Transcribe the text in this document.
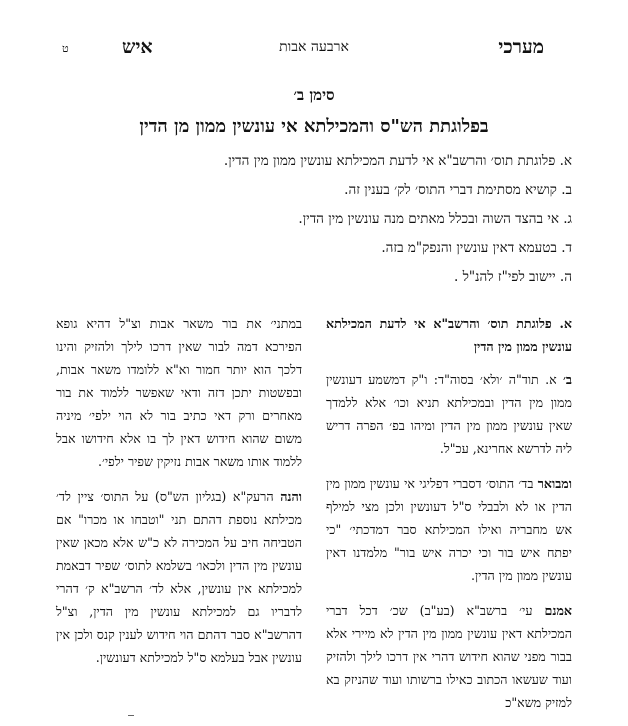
ט	איש	ארבעה אבות	מערכי
סימן ב׳
בפלוגתת הש"ס והמכילתא אי עונשין ממון מן הדין
א. פלוגתת תוס׳ והרשב"א אי לדעת המכילתא עונשין ממון מין הדין.
ב. קושיא מסתימת דברי התוס׳ לק׳ בענין זה.
ג. אי בהצד השוה ובכלל מאתים מנה עונשין מין הדין.
ד. בטעמא דאין עונשין והנפק"מ בזה.
ה. יישוב לפי"ז להנ"ל .
א. פלוגתת תוס׳ והרשב"א אי לדעת המכילתא עונשין ממון מין הדין

ב׳ א. תוד"ה ׳ולא׳ בסוה"ד: ו"ק דמשמע דעונשין ממון מין הדין ובמכילתא תניא וכו׳ אלא ללמדך שאין עונשין ממון מין הדין ומיהו בפ׳ הפרה דריש ליה לדרשא אחרינא, עכ"ל.

ומבואר בד׳ התוס׳ דסברי דפליגי אי עונשין ממון מין הדין או לא ולבבלי ס"ל דעונשין ולכן מצי למילף אש מחבריה ואילו המכילתא סבר דמדכתי׳ "כי יפתח איש בור וכי יכרה איש בור" מלמדנו דאין עונשין ממון מין הדין.

אמנם עי׳ ברשב"א (בע"ב) שכ׳ דכל דברי המכילתא דאין עונשין ממון מין הדין לא מיירי אלא בבור מפני שהוא חידוש דהרי אין דרכו לילך ולהזיק ועוד שעשאו הכתוב כאילו ברשותו ועוד שהניזק בא למזיק משא"כ

במתני׳ את בור משאר אבות וצ"ל דהיא גופא הפירכא דמה לבור שאין דרכו לילך ולהזיק והינו דלכך הוא יותר חמור וא"א ללומדו משאר אבות, ובפשטות יתכן דזה ודאי שאפשר ללמוד את בור מאחרים ורק דאי כתיב בור לא הוי ילפי׳ מיניה משום שהוא חידוש דאין לך בו אלא חידושו אבל ללמוד אותו משאר אבות נזיקין שפיר ילפי׳.

והנה הרעק"א (בגליון הש"ס) על התוס׳ ציין לד׳ מכילתא נוספת דהתם תני "וטבחו או מכרו" אם הטביחה חיב על המכירה לא כ"ש אלא מכאן שאין עונשין מין הדין ולכאו׳ בשלמא לתוס׳ שפיר דבאמת למכילתא אין עונשין, אלא לד׳ הרשב"א ק׳ דהרי לדבריו גם למכילתא עונשין מין הדין, וצ"ל דהרשב"א סבר דהתם הוי חידוש לענין קנס ולכן אין עונשין אבל בעלמא ס"ל למכילתא דעונשין.
